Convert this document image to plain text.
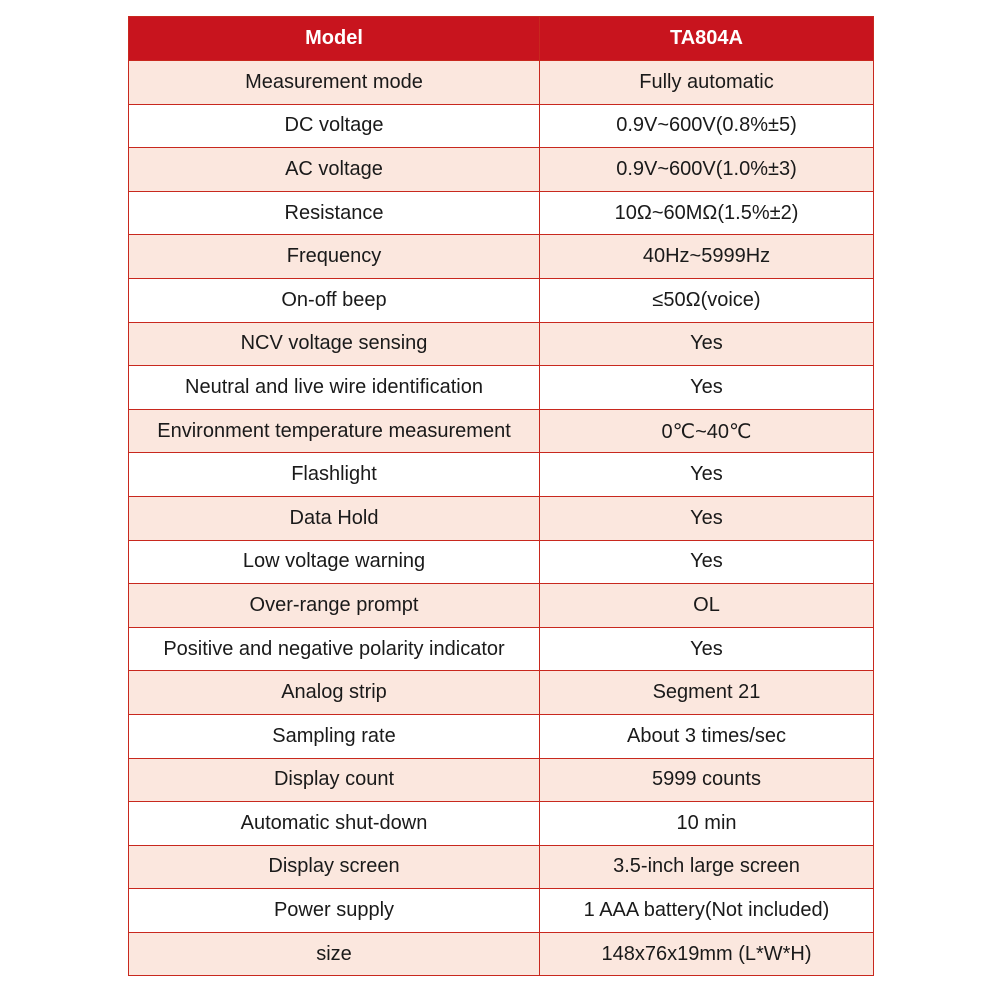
Model	TA804A
Measurement mode	Fully automatic
DC voltage	0.9V~600V(0.8%±5)
AC voltage	0.9V~600V(1.0%±3)
Resistance	10Ω~60MΩ(1.5%±2)
Frequency	40Hz~5999Hz
On-off beep	≤50Ω(voice)
NCV voltage sensing	Yes
Neutral and live wire identification	Yes
Environment temperature measurement	0℃~40℃
Flashlight	Yes
Data Hold	Yes
Low voltage warning	Yes
Over-range prompt	OL
Positive and negative polarity indicator	Yes
Analog strip	Segment 21
Sampling rate	About 3 times/sec
Display count	5999 counts
Automatic shut-down	10 min
Display screen	3.5-inch large screen
Power supply	1 AAA battery(Not included)
size	148x76x19mm (L*W*H)
